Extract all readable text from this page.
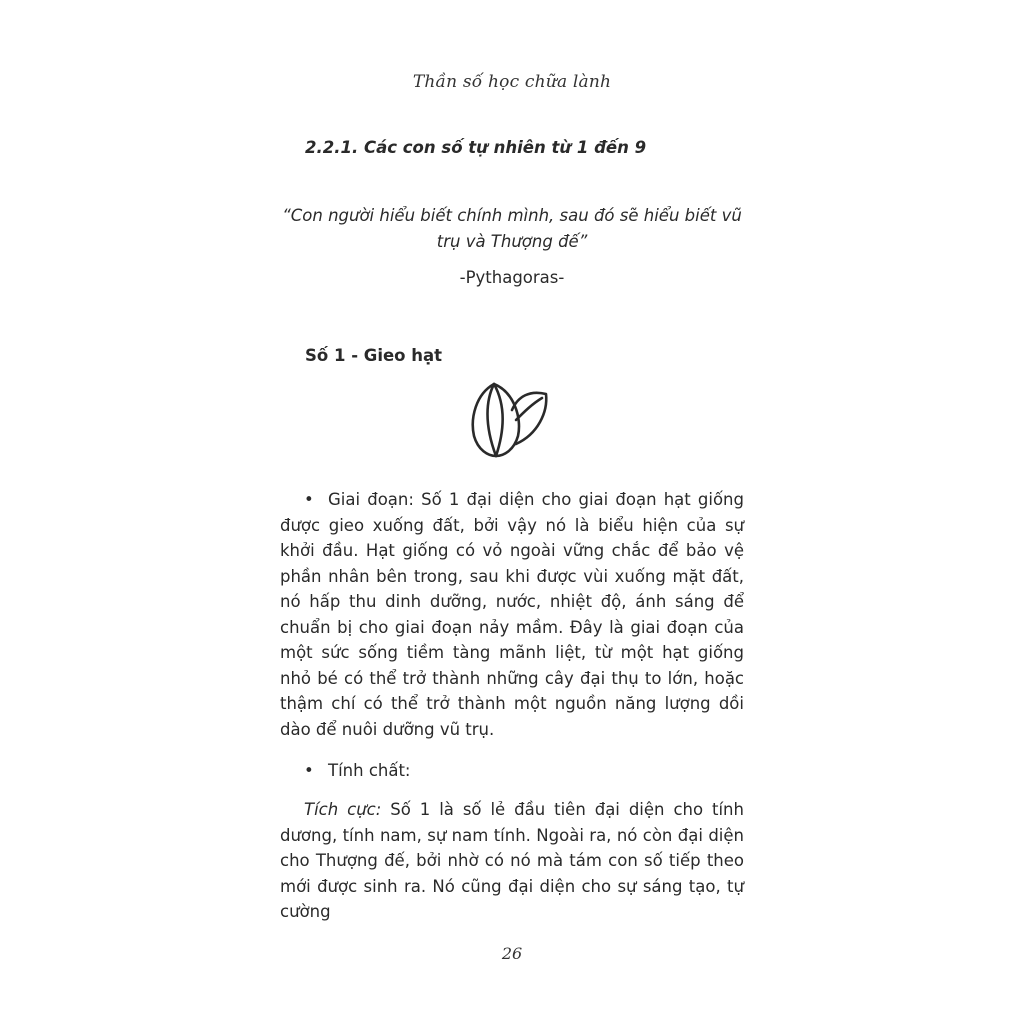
Thần số học chữa lành
2.2.1. Các con số tự nhiên từ 1 đến 9
“Con người hiểu biết chính mình, sau đó sẽ hiểu biết vũ trụ và Thượng đế”
-Pythagoras-
Số 1 - Gieo hạt
•Giai đoạn: Số 1 đại diện cho giai đoạn hạt giống được gieo xuống đất, bởi vậy nó là biểu hiện của sự khởi đầu. Hạt giống có vỏ ngoài vững chắc để bảo vệ phần nhân bên trong, sau khi được vùi xuống mặt đất, nó hấp thu dinh dưỡng, nước, nhiệt độ, ánh sáng để chuẩn bị cho giai đoạn nảy mầm. Đây là giai đoạn của một sức sống tiềm tàng mãnh liệt, từ một hạt giống nhỏ bé có thể trở thành những cây đại thụ to lớn, hoặc thậm chí có thể trở thành một nguồn năng lượng dồi dào để nuôi dưỡng vũ trụ.
•Tính chất:
Tích cực: Số 1 là số lẻ đầu tiên đại diện cho tính dương, tính nam, sự nam tính. Ngoài ra, nó còn đại diện cho Thượng đế, bởi nhờ có nó mà tám con số tiếp theo mới được sinh ra. Nó cũng đại diện cho sự sáng tạo, tự cường
26
